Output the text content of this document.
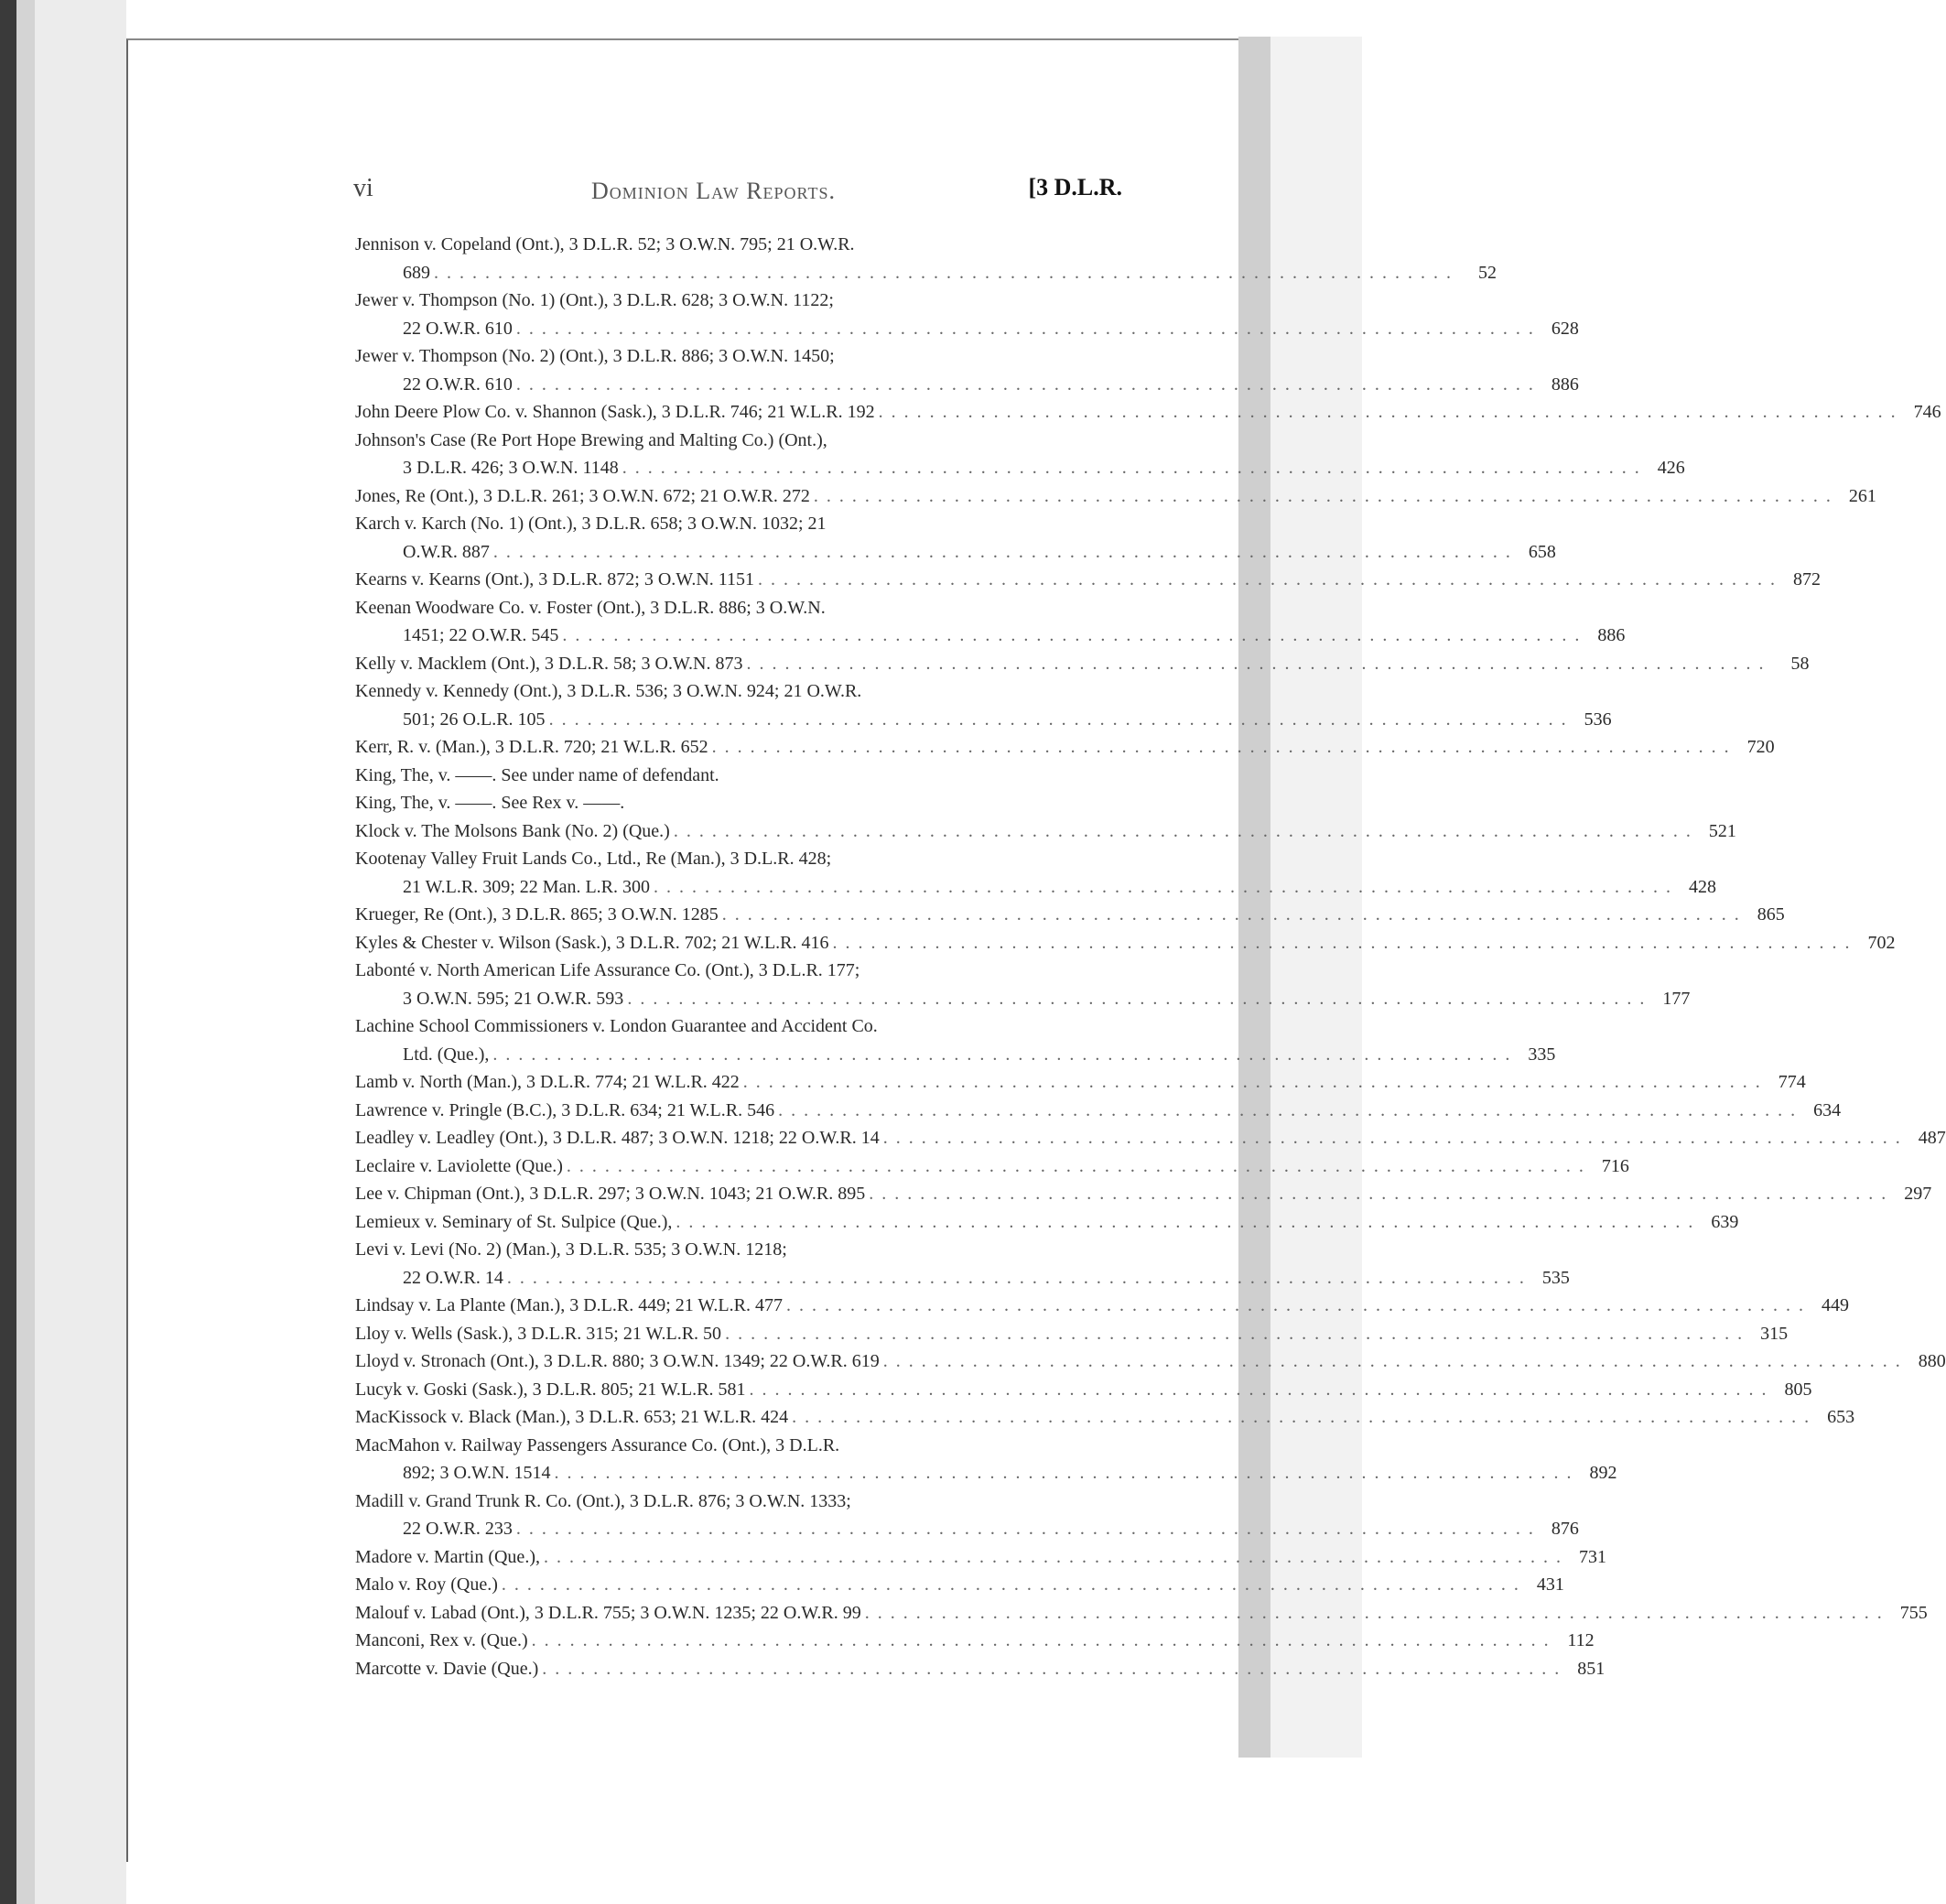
vi	Dominion Law Reports.	[3 D.L.R.
Jennison v. Copeland (Ont.), 3 D.L.R. 52; 3 O.W.N. 795; 21 O.W.R.
689 . . . . . . . . . . . . . . . . . . . . . . . . . . . . . . . . . . . . . . . . . . . . . . . . . . . . . . . . . . . . . . . . . . . . . . . . . . . . . . . .	52
Jewer v. Thompson (No. 1) (Ont.), 3 D.L.R. 628; 3 O.W.N. 1122;
22 O.W.R. 610 . . . . . . . . . . . . . . . . . . . . . . . . . . . . . . . . . . . . . . . . . . . . . . . . . . . . . . . . . . . . . . . . . . . . . . . . . . . . . . . . 628
Jewer v. Thompson (No. 2) (Ont.), 3 D.L.R. 886; 3 O.W.N. 1450;
22 O.W.R. 610 . . . . . . . . . . . . . . . . . . . . . . . . . . . . . . . . . . . . . . . . . . . . . . . . . . . . . . . . . . . . . . . . . . . . . . . . . . . . . . . . 886
John Deere Plow Co. v. Shannon (Sask.), 3 D.L.R. 746; 21 W.L.R. 192 . . . . . . . . . . . . . . . . . . . . . . . . . . . . . . . . . . . . . . . . . . . . . . . . . . . . . . . . . . . . . . . . . . . . . . . . . . . . . . . . 746
Johnson's Case (Re Port Hope Brewing and Malting Co.) (Ont.),
3 D.L.R. 426; 3 O.W.N. 1148 . . . . . . . . . . . . . . . . . . . . . . . . . . . . . . . . . . . . . . . . . . . . . . . . . . . . . . . . . . . . . . . . . . . . . . . . . . . . . . . . 426
Jones, Re (Ont.), 3 D.L.R. 261; 3 O.W.N. 672; 21 O.W.R. 272 . . . . . . . . . . . . . . . . . . . . . . . . . . . . . . . . . . . . . . . . . . . . . . . . . . . . . . . . . . . . . . . . . . . . . . . . . . . . . . . . 261
Karch v. Karch (No. 1) (Ont.), 3 D.L.R. 658; 3 O.W.N. 1032; 21
O.W.R. 887 . . . . . . . . . . . . . . . . . . . . . . . . . . . . . . . . . . . . . . . . . . . . . . . . . . . . . . . . . . . . . . . . . . . . . . . . . . . . . . . . 658
Kearns v. Kearns (Ont.), 3 D.L.R. 872; 3 O.W.N. 1151 . . . . . . . . . . . . . . . . . . . . . . . . . . . . . . . . . . . . . . . . . . . . . . . . . . . . . . . . . . . . . . . . . . . . . . . . . . . . . . . . 872
Keenan Woodware Co. v. Foster (Ont.), 3 D.L.R. 886; 3 O.W.N.
1451; 22 O.W.R. 545 . . . . . . . . . . . . . . . . . . . . . . . . . . . . . . . . . . . . . . . . . . . . . . . . . . . . . . . . . . . . . . . . . . . . . . . . . . . . . . . . 886
Kelly v. Macklem (Ont.), 3 D.L.R. 58; 3 O.W.N. 873 . . . . . . . . . . . . . . . . . . . . . . . . . . . . . . . . . . . . . . . . . . . . . . . . . . . . . . . . . . . . . . . . . . . . . . . . . . . . . . . .	58
Kennedy v. Kennedy (Ont.), 3 D.L.R. 536; 3 O.W.N. 924; 21 O.W.R.
501; 26 O.L.R. 105 . . . . . . . . . . . . . . . . . . . . . . . . . . . . . . . . . . . . . . . . . . . . . . . . . . . . . . . . . . . . . . . . . . . . . . . . . . . . . . . . 536
Kerr, R. v. (Man.), 3 D.L.R. 720; 21 W.L.R. 652 . . . . . . . . . . . . . . . . . . . . . . . . . . . . . . . . . . . . . . . . . . . . . . . . . . . . . . . . . . . . . . . . . . . . . . . . . . . . . . . . 720
King, The, v. ——. See under name of defendant.
King, The, v. ——. See Rex v. ——.
Klock v. The Molsons Bank (No. 2) (Que.) . . . . . . . . . . . . . . . . . . . . . . . . . . . . . . . . . . . . . . . . . . . . . . . . . . . . . . . . . . . . . . . . . . . . . . . . . . . . . . . . 521
Kootenay Valley Fruit Lands Co., Ltd., Re (Man.), 3 D.L.R. 428;
21 W.L.R. 309; 22 Man. L.R. 300 . . . . . . . . . . . . . . . . . . . . . . . . . . . . . . . . . . . . . . . . . . . . . . . . . . . . . . . . . . . . . . . . . . . . . . . . . . . . . . . . 428
Krueger, Re (Ont.), 3 D.L.R. 865; 3 O.W.N. 1285 . . . . . . . . . . . . . . . . . . . . . . . . . . . . . . . . . . . . . . . . . . . . . . . . . . . . . . . . . . . . . . . . . . . . . . . . . . . . . . . . 865
Kyles & Chester v. Wilson (Sask.), 3 D.L.R. 702; 21 W.L.R. 416 . . . . . . . . . . . . . . . . . . . . . . . . . . . . . . . . . . . . . . . . . . . . . . . . . . . . . . . . . . . . . . . . . . . . . . . . . . . . . . . . 702
Labonté v. North American Life Assurance Co. (Ont.), 3 D.L.R. 177;
3 O.W.N. 595; 21 O.W.R. 593 . . . . . . . . . . . . . . . . . . . . . . . . . . . . . . . . . . . . . . . . . . . . . . . . . . . . . . . . . . . . . . . . . . . . . . . . . . . . . . . . 177
Lachine School Commissioners v. London Guarantee and Accident Co.
Ltd. (Que.), . . . . . . . . . . . . . . . . . . . . . . . . . . . . . . . . . . . . . . . . . . . . . . . . . . . . . . . . . . . . . . . . . . . . . . . . . . . . . . . . 335
Lamb v. North (Man.), 3 D.L.R. 774; 21 W.L.R. 422 . . . . . . . . . . . . . . . . . . . . . . . . . . . . . . . . . . . . . . . . . . . . . . . . . . . . . . . . . . . . . . . . . . . . . . . . . . . . . . . . 774
Lawrence v. Pringle (B.C.), 3 D.L.R. 634; 21 W.L.R. 546 . . . . . . . . . . . . . . . . . . . . . . . . . . . . . . . . . . . . . . . . . . . . . . . . . . . . . . . . . . . . . . . . . . . . . . . . . . . . . . . . 634
Leadley v. Leadley (Ont.), 3 D.L.R. 487; 3 O.W.N. 1218; 22 O.W.R. 14 . . . . . . . . . . . . . . . . . . . . . . . . . . . . . . . . . . . . . . . . . . . . . . . . . . . . . . . . . . . . . . . . . . . . . . . . . . . . . . . . 487
Leclaire v. Laviolette (Que.) . . . . . . . . . . . . . . . . . . . . . . . . . . . . . . . . . . . . . . . . . . . . . . . . . . . . . . . . . . . . . . . . . . . . . . . . . . . . . . . . 716
Lee v. Chipman (Ont.), 3 D.L.R. 297; 3 O.W.N. 1043; 21 O.W.R. 895 . . . . . . . . . . . . . . . . . . . . . . . . . . . . . . . . . . . . . . . . . . . . . . . . . . . . . . . . . . . . . . . . . . . . . . . . . . . . . . . . 297
Lemieux v. Seminary of St. Sulpice (Que.), . . . . . . . . . . . . . . . . . . . . . . . . . . . . . . . . . . . . . . . . . . . . . . . . . . . . . . . . . . . . . . . . . . . . . . . . . . . . . . . . 639
Levi v. Levi (No. 2) (Man.), 3 D.L.R. 535; 3 O.W.N. 1218;
22 O.W.R. 14 . . . . . . . . . . . . . . . . . . . . . . . . . . . . . . . . . . . . . . . . . . . . . . . . . . . . . . . . . . . . . . . . . . . . . . . . . . . . . . . . 535
Lindsay v. La Plante (Man.), 3 D.L.R. 449; 21 W.L.R. 477 . . . . . . . . . . . . . . . . . . . . . . . . . . . . . . . . . . . . . . . . . . . . . . . . . . . . . . . . . . . . . . . . . . . . . . . . . . . . . . . . 449
Lloy v. Wells (Sask.), 3 D.L.R. 315; 21 W.L.R. 50 . . . . . . . . . . . . . . . . . . . . . . . . . . . . . . . . . . . . . . . . . . . . . . . . . . . . . . . . . . . . . . . . . . . . . . . . . . . . . . . . 315
Lloyd v. Stronach (Ont.), 3 D.L.R. 880; 3 O.W.N. 1349; 22 O.W.R. 619 . . . . . . . . . . . . . . . . . . . . . . . . . . . . . . . . . . . . . . . . . . . . . . . . . . . . . . . . . . . . . . . . . . . . . . . . . . . . . . . . 880
Lucyk v. Goski (Sask.), 3 D.L.R. 805; 21 W.L.R. 581 . . . . . . . . . . . . . . . . . . . . . . . . . . . . . . . . . . . . . . . . . . . . . . . . . . . . . . . . . . . . . . . . . . . . . . . . . . . . . . . . 805
MacKissock v. Black (Man.), 3 D.L.R. 653; 21 W.L.R. 424 . . . . . . . . . . . . . . . . . . . . . . . . . . . . . . . . . . . . . . . . . . . . . . . . . . . . . . . . . . . . . . . . . . . . . . . . . . . . . . . . 653
MacMahon v. Railway Passengers Assurance Co. (Ont.), 3 D.L.R.
892; 3 O.W.N. 1514 . . . . . . . . . . . . . . . . . . . . . . . . . . . . . . . . . . . . . . . . . . . . . . . . . . . . . . . . . . . . . . . . . . . . . . . . . . . . . . . . 892
Madill v. Grand Trunk R. Co. (Ont.), 3 D.L.R. 876; 3 O.W.N. 1333;
22 O.W.R. 233 . . . . . . . . . . . . . . . . . . . . . . . . . . . . . . . . . . . . . . . . . . . . . . . . . . . . . . . . . . . . . . . . . . . . . . . . . . . . . . . . 876
Madore v. Martin (Que.), . . . . . . . . . . . . . . . . . . . . . . . . . . . . . . . . . . . . . . . . . . . . . . . . . . . . . . . . . . . . . . . . . . . . . . . . . . . . . . . . 731
Malo v. Roy (Que.) . . . . . . . . . . . . . . . . . . . . . . . . . . . . . . . . . . . . . . . . . . . . . . . . . . . . . . . . . . . . . . . . . . . . . . . . . . . . . . . . 431
Malouf v. Labad (Ont.), 3 D.L.R. 755; 3 O.W.N. 1235; 22 O.W.R. 99 . . . . . . . . . . . . . . . . . . . . . . . . . . . . . . . . . . . . . . . . . . . . . . . . . . . . . . . . . . . . . . . . . . . . . . . . . . . . . . . . 755
Manconi, Rex v. (Que.) . . . . . . . . . . . . . . . . . . . . . . . . . . . . . . . . . . . . . . . . . . . . . . . . . . . . . . . . . . . . . . . . . . . . . . . . . . . . . . . . 112
Marcotte v. Davie (Que.) . . . . . . . . . . . . . . . . . . . . . . . . . . . . . . . . . . . . . . . . . . . . . . . . . . . . . . . . . . . . . . . . . . . . . . . . . . . . . . . . 851
